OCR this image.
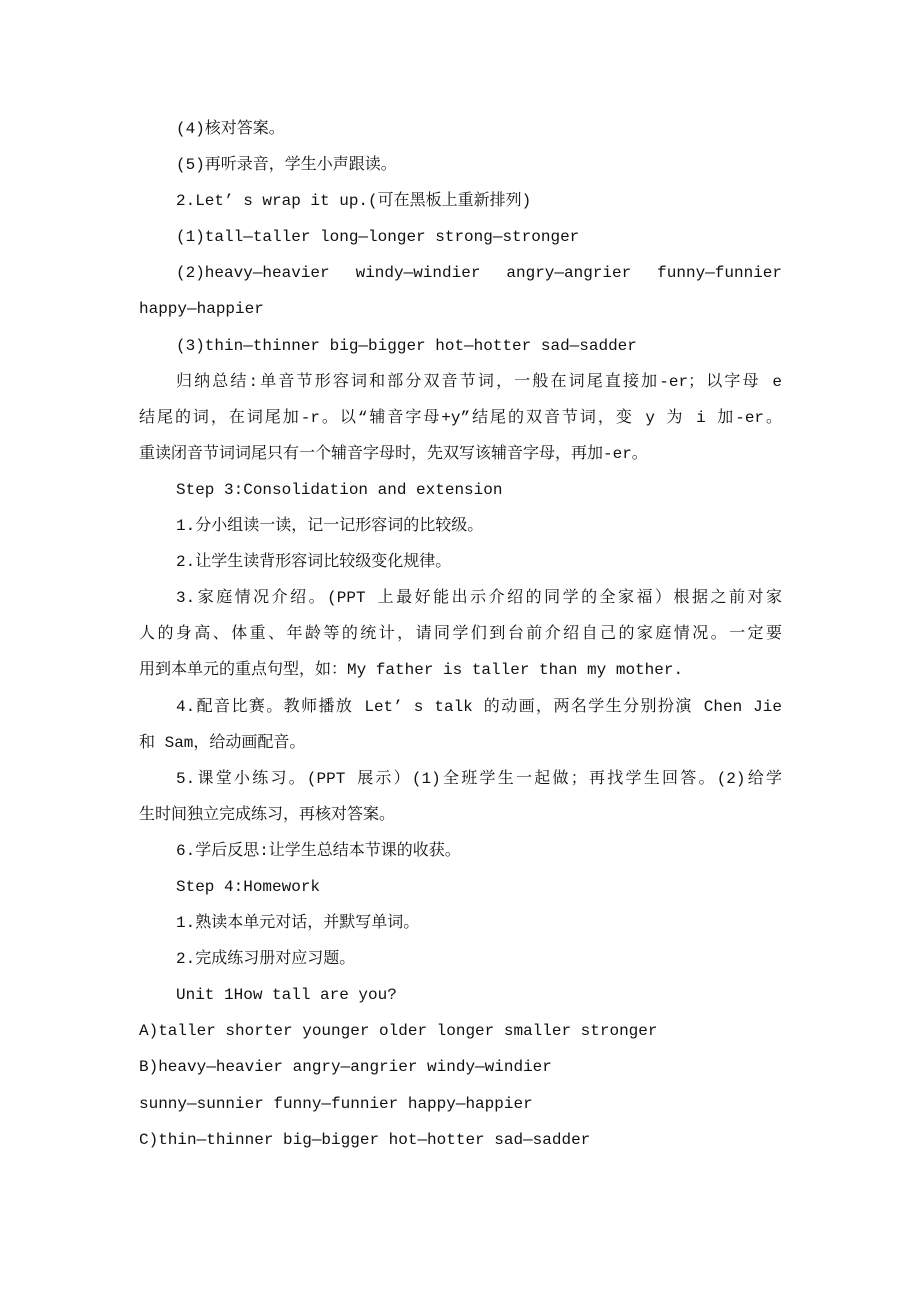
(4)核对答案。
(5)再听录音，学生小声跟读。
2.Let’ s wrap it up.(可在黑板上重新排列)
(1)tall—taller long—longer strong—stronger
(2)heavy—heavier windy—windier angry—angrier funny—funnier
happy—happier
(3)thin—thinner big—bigger hot—hotter sad—sadder
归纳总结:单音节形容词和部分双音节词，一般在词尾直接加-er；以字母 e
结尾的词，在词尾加-r。以“辅音字母+y”结尾的双音节词，变 y 为 i 加-er。
重读闭音节词词尾只有一个辅音字母时，先双写该辅音字母，再加-er。
Step 3:Consolidation and extension
1.分小组读一读，记一记形容词的比较级。
2.让学生读背形容词比较级变化规律。
3.家庭情况介绍。(PPT 上最好能出示介绍的同学的全家福）根据之前对家
人的身高、体重、年龄等的统计，请同学们到台前介绍自己的家庭情况。一定要
用到本单元的重点句型，如：My father is taller than my mother.
4.配音比赛。教师播放 Let’ s talk 的动画，两名学生分别扮演 Chen Jie
和 Sam，给动画配音。
5.课堂小练习。(PPT 展示）(1)全班学生一起做；再找学生回答。(2)给学
生时间独立完成练习，再核对答案。
6.学后反思:让学生总结本节课的收获。
Step 4:Homework
1.熟读本单元对话，并默写单词。
2.完成练习册对应习题。
Unit 1How tall are you?
A)taller shorter younger older longer smaller stronger
B)heavy—heavier angry—angrier windy—windier
sunny—sunnier funny—funnier happy—happier
C)thin—thinner big—bigger hot—hotter sad—sadder
